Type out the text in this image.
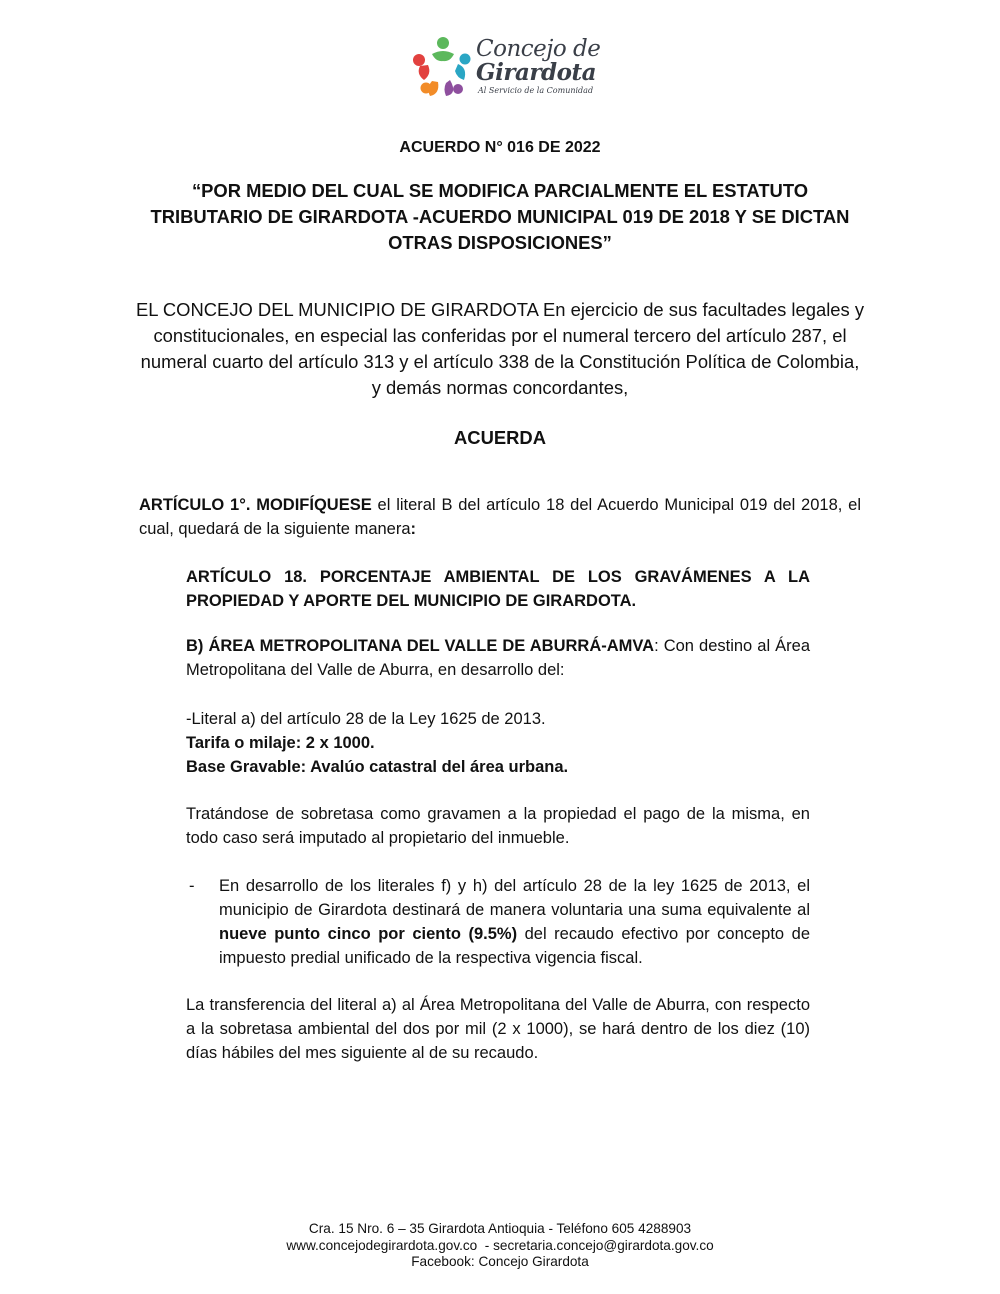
Concejo de
Girardota
Al Servicio de la Comunidad
ACUERDO N° 016 DE 2022
“POR MEDIO DEL CUAL SE MODIFICA PARCIALMENTE EL ESTATUTO TRIBUTARIO DE GIRARDOTA -ACUERDO MUNICIPAL 019 DE 2018 Y SE DICTAN OTRAS DISPOSICIONES”
EL CONCEJO DEL MUNICIPIO DE GIRARDOTA En ejercicio de sus facultades legales y constitucionales, en especial las conferidas por el numeral tercero del artículo 287, el numeral cuarto del artículo 313 y el artículo 338 de la Constitución Política de Colombia, y demás normas concordantes,
ACUERDA
ARTÍCULO 1°. MODIFÍQUESE el literal B del artículo 18 del Acuerdo Municipal 019 del 2018, el cual, quedará de la siguiente manera:
ARTÍCULO 18. PORCENTAJE AMBIENTAL DE LOS GRAVÁMENES A LA PROPIEDAD Y APORTE DEL MUNICIPIO DE GIRARDOTA.
B) ÁREA METROPOLITANA DEL VALLE DE ABURRÁ-AMVA: Con destino al Área Metropolitana del Valle de Aburra, en desarrollo del:
-Literal a) del artículo 28 de la Ley 1625 de 2013.
Tarifa o milaje: 2 x 1000.
Base Gravable: Avalúo catastral del área urbana.
Tratándose de sobretasa como gravamen a la propiedad el pago de la misma, en todo caso será imputado al propietario del inmueble.
- En desarrollo de los literales f) y h) del artículo 28 de la ley 1625 de 2013, el municipio de Girardota destinará de manera voluntaria una suma equivalente al nueve punto cinco por ciento (9.5%) del recaudo efectivo por concepto de impuesto predial unificado de la respectiva vigencia fiscal.
La transferencia del literal a) al Área Metropolitana del Valle de Aburra, con respecto a la sobretasa ambiental del dos por mil (2 x 1000), se hará dentro de los diez (10) días hábiles del mes siguiente al de su recaudo.
Cra. 15 Nro. 6 – 35 Girardota Antioquia - Teléfono 605 4288903
www.concejodegirardota.gov.co  - secretaria.concejo@girardota.gov.co
Facebook: Concejo Girardota
